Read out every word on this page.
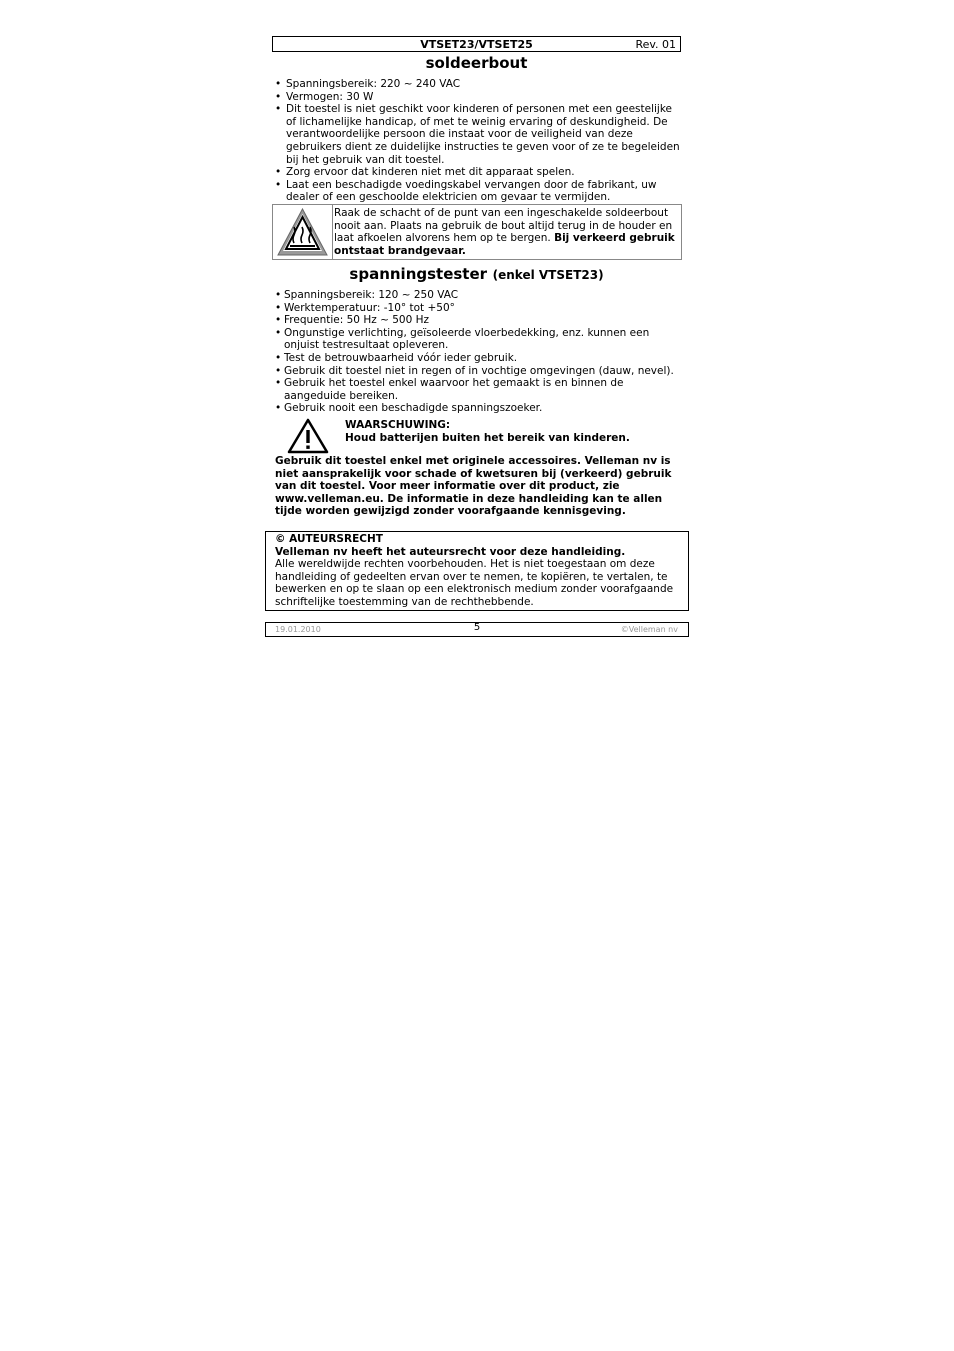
VTSET23/VTSET25	Rev. 01
soldeerbout
• Spanningsbereik: 220 ~ 240 VAC
• Vermogen: 30 W
• Dit toestel is niet geschikt voor kinderen of personen met een geestelijke of lichamelijke handicap, of met te weinig ervaring of deskundigheid. De verantwoordelijke persoon die instaat voor de veiligheid van deze gebruikers dient ze duidelijke instructies te geven voor of ze te begeleiden bij het gebruik van dit toestel.
• Zorg ervoor dat kinderen niet met dit apparaat spelen.
• Laat een beschadigde voedingskabel vervangen door de fabrikant, uw dealer of een geschoolde elektricien om gevaar te vermijden.
Raak de schacht of de punt van een ingeschakelde soldeerbout nooit aan. Plaats na gebruik de bout altijd terug in de houder en laat afkoelen alvorens hem op te bergen. Bij verkeerd gebruik ontstaat brandgevaar.
spanningstester (enkel VTSET23)
• Spanningsbereik: 120 ~ 250 VAC
• Werktemperatuur: -10° tot +50°
• Frequentie: 50 Hz ~ 500 Hz
• Ongunstige verlichting, geïsoleerde vloerbedekking, enz. kunnen een onjuist testresultaat opleveren.
• Test de betrouwbaarheid vóór ieder gebruik.
• Gebruik dit toestel niet in regen of in vochtige omgevingen (dauw, nevel).
• Gebruik het toestel enkel waarvoor het gemaakt is en binnen de aangeduide bereiken.
• Gebruik nooit een beschadigde spanningszoeker.
WAARSCHUWING:
Houd batterijen buiten het bereik van kinderen.
Gebruik dit toestel enkel met originele accessoires. Velleman nv is niet aansprakelijk voor schade of kwetsuren bij (verkeerd) gebruik van dit toestel. Voor meer informatie over dit product, zie www.velleman.eu. De informatie in deze handleiding kan te allen tijde worden gewijzigd zonder voorafgaande kennisgeving.
© AUTEURSRECHT
Velleman nv heeft het auteursrecht voor deze handleiding.
Alle wereldwijde rechten voorbehouden. Het is niet toegestaan om deze handleiding of gedeelten ervan over te nemen, te kopiëren, te vertalen, te bewerken en op te slaan op een elektronisch medium zonder voorafgaande schriftelijke toestemming van de rechthebbende.
19.01.2010	5	©Velleman nv
